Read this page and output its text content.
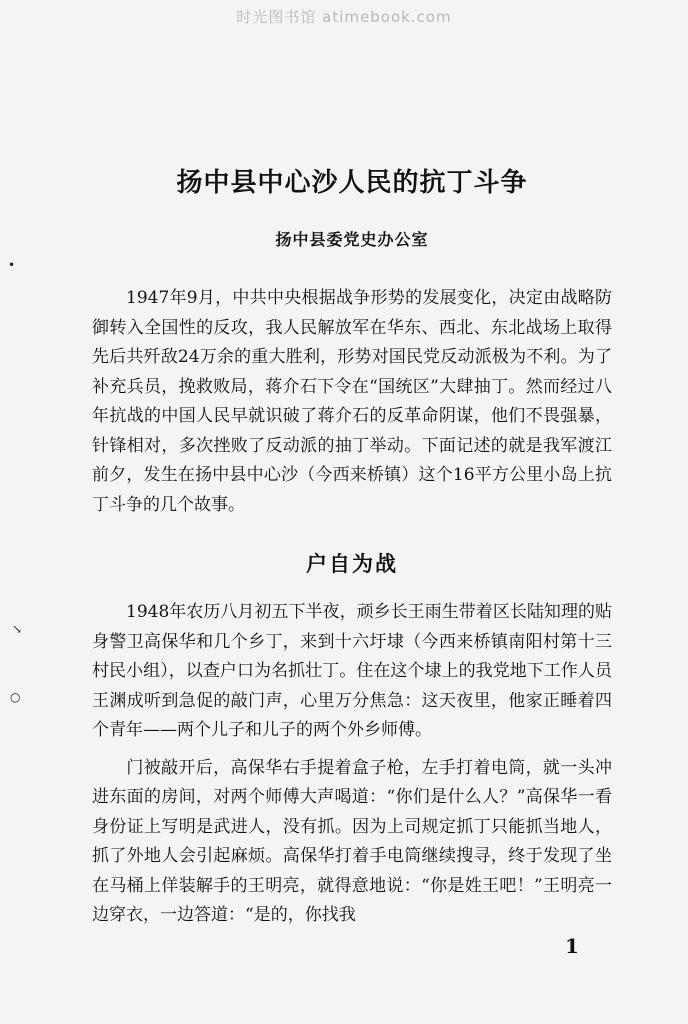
时光图书馆 atimebook.com
扬中县中心沙人民的抗丁斗争
扬中县委党史办公室
1947年9月，中共中央根据战争形势的发展变化，决定由战略防御转入全国性的反攻，我人民解放军在华东、西北、东北战场上取得先后共歼敌24万余的重大胜利，形势对国民党反动派极为不利。为了补充兵员，挽救败局，蒋介石下令在“国统区”大肆抽丁。然而经过八年抗战的中国人民早就识破了蒋介石的反革命阴谋，他们不畏强暴，针锋相对，多次挫败了反动派的抽丁举动。下面记述的就是我军渡江前夕，发生在扬中县中心沙（今西来桥镇）这个16平方公里小岛上抗丁斗争的几个故事。
户自为战
1948年农历八月初五下半夜，顽乡长王雨生带着区长陆知理的贴身警卫高保华和几个乡丁，来到十六圩埭（今西来桥镇南阳村第十三村民小组），以查户口为名抓壮丁。住在这个埭上的我党地下工作人员王渊成听到急促的敲门声，心里万分焦急：这天夜里，他家正睡着四个青年——两个儿子和儿子的两个外乡师傅。
门被敲开后，高保华右手提着盒子枪，左手打着电筒，就一头冲进东面的房间，对两个师傅大声喝道：“你们是什么人？”高保华一看身份证上写明是武进人，没有抓。因为上司规定抓丁只能抓当地人，抓了外地人会引起麻烦。高保华打着手电筒继续搜寻，终于发现了坐在马桶上佯装解手的王明亮，就得意地说：“你是姓王吧！”王明亮一边穿衣，一边答道：“是的，你找我
1
•
↘
○
